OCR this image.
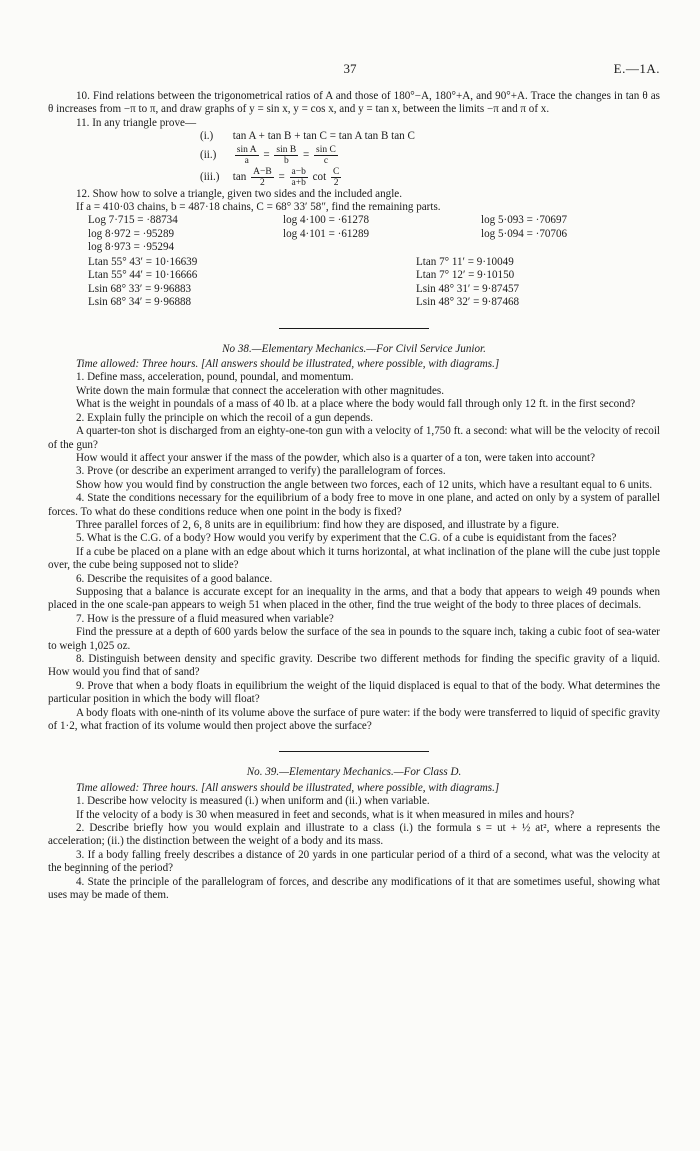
37	E.—1A.

10. Find relations between the trigonometrical ratios of A and those of 180°−A, 180°+A, and 90°+A. Trace the changes in tan θ as θ increases from −π to π, and draw graphs of y = sin x, y = cos x, and y = tan x, between the limits −π and π of x.

11. In any triangle prove—

(i.) tan A + tan B + tan C = tan A tan B tan C
$(ii.) \frac{\text{sin A}}{a} = \frac{\text{sin B}}{b} = \frac{\text{sin C}}{c}$
(iii.) $\tan \frac{A-B}{2} = \frac{a-b}{a+b}$ $\cot \frac{C}{2}$

12. Show how to solve a triangle, given two sides and the included angle.

If a = 410·03 chains, b = 487·18 chains, C = 68° 33′ 58″, find the remaining parts.

Log 7·715 = ·88734	log 4·100 = ·61278	log 5·093 = ·70697
log 8·972 = ·95289	log 4·101 = ·61289	log 5·094 = ·70706
log 8·973 = ·95294
Ltan 55° 43′ = 10·16639	Ltan 7° 11′ = 9·10049
Ltan 55° 44′ = 10·16666	Ltan 7° 12′ = 9·10150
Lsin 68° 33′ = 9·96883	Lsin 48° 31′ = 9·87457
Lsin 68° 34′ = 9·96888	Lsin 48° 32′ = 9·87468
No 38.—Elementary Mechanics.—For Civil Service Junior.

Time allowed: Three hours. [All answers should be illustrated, where possible, with diagrams.]

1. Define mass, acceleration, pound, poundal, and momentum.

Write down the main formulæ that connect the acceleration with other magnitudes.

What is the weight in poundals of a mass of 40 lb. at a place where the body would fall through only 12 ft. in the first second?

2. Explain fully the principle on which the recoil of a gun depends.

A quarter-ton shot is discharged from an eighty-one-ton gun with a velocity of 1,750 ft. a second: what will be the velocity of recoil of the gun?

How would it affect your answer if the mass of the powder, which also is a quarter of a ton, were taken into account?

3. Prove (or describe an experiment arranged to verify) the parallelogram of forces.

Show how you would find by construction the angle between two forces, each of 12 units, which have a resultant equal to 6 units.

4. State the conditions necessary for the equilibrium of a body free to move in one plane, and acted on only by a system of parallel forces. To what do these conditions reduce when one point in the body is fixed?

Three parallel forces of 2, 6, 8 units are in equilibrium: find how they are disposed, and illustrate by a figure.

5. What is the C.G. of a body? How would you verify by experiment that the C.G. of a cube is equidistant from the faces?

If a cube be placed on a plane with an edge about which it turns horizontal, at what inclination of the plane will the cube just topple over, the cube being supposed not to slide?

6. Describe the requisites of a good balance.

Supposing that a balance is accurate except for an inequality in the arms, and that a body that appears to weigh 49 pounds when placed in the one scale-pan appears to weigh 51 when placed in the other, find the true weight of the body to three places of decimals.

7. How is the pressure of a fluid measured when variable?

Find the pressure at a depth of 600 yards below the surface of the sea in pounds to the square inch, taking a cubic foot of sea-water to weigh 1,025 oz.

8. Distinguish between density and specific gravity. Describe two different methods for finding the specific gravity of a liquid. How would you find that of sand?

9. Prove that when a body floats in equilibrium the weight of the liquid displaced is equal to that of the body. What determines the particular position in which the body will float?

A body floats with one-ninth of its volume above the surface of pure water: if the body were transferred to liquid of specific gravity of 1·2, what fraction of its volume would then project above the surface?

No. 39.—Elementary Mechanics.—For Class D.

Time allowed: Three hours. [All answers should be illustrated, where possible, with diagrams.]

1. Describe how velocity is measured (i.) when uniform and (ii.) when variable.

If the velocity of a body is 30 when measured in feet and seconds, what is it when measured in miles and hours?

2. Describe briefly how you would explain and illustrate to a class (i.) the formula s = ut + ½ at², where a represents the acceleration; (ii.) the distinction between the weight of a body and its mass.

3. If a body falling freely describes a distance of 20 yards in one particular period of a third of a second, what was the velocity at the beginning of the period?

4. State the principle of the parallelogram of forces, and describe any modifications of it that are sometimes useful, showing what uses may be made of them.
